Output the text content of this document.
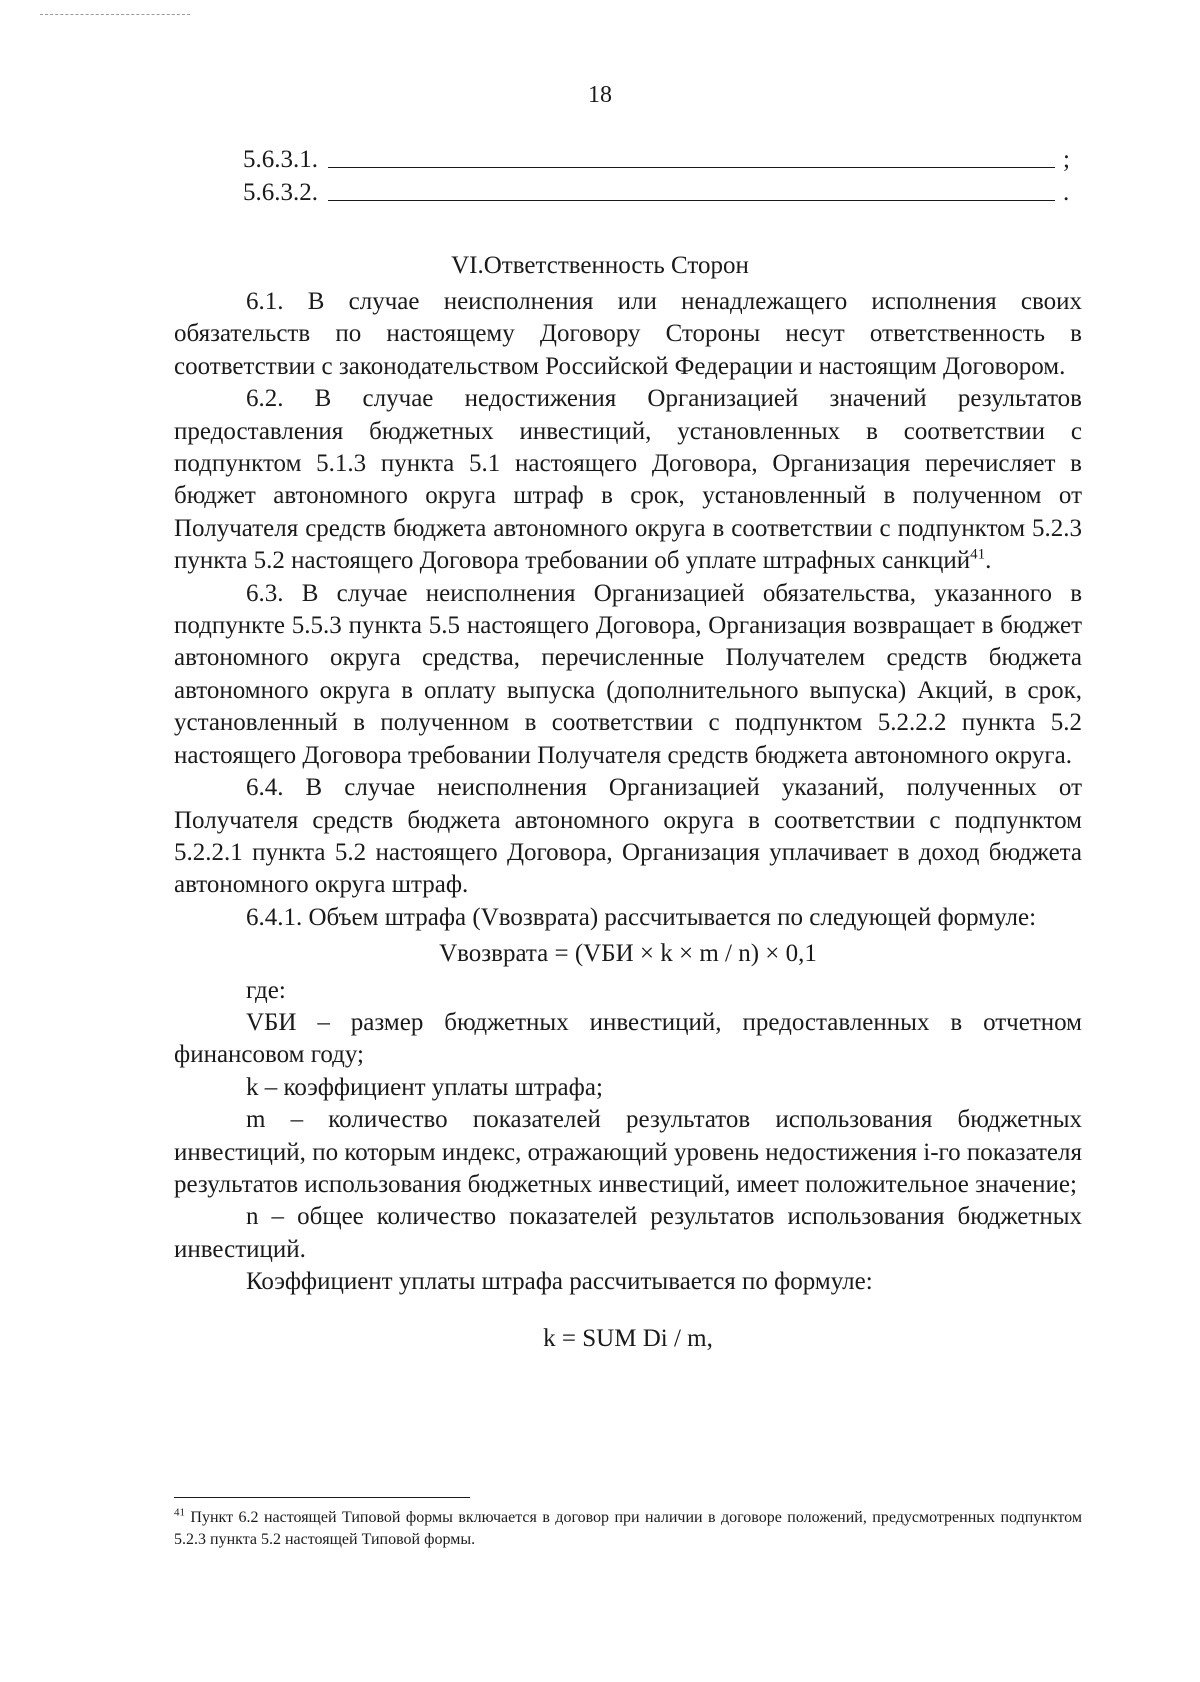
18
5.6.3.1.	;
5.6.3.2.	.
VI.Ответственность Сторон

6.1. В случае неисполнения или ненадлежащего исполнения своих обязательств по настоящему Договору Стороны несут ответственность в соответствии с законодательством Российской Федерации и настоящим Договором.

6.2. В случае недостижения Организацией значений результатов предоставления бюджетных инвестиций, установленных в соответствии с подпунктом 5.1.3 пункта 5.1 настоящего Договора, Организация перечисляет в бюджет автономного округа штраф в срок, установленный в полученном от Получателя средств бюджета автономного округа в соответствии с подпунктом 5.2.3 пункта 5.2 настоящего Договора требовании об уплате штрафных санкций$^{41}$.

6.3. В случае неисполнения Организацией обязательства, указанного в подпункте 5.5.3 пункта 5.5 настоящего Договора, Организация возвращает в бюджет автономного округа средства, перечисленные Получателем средств бюджета автономного округа в оплату выпуска (дополнительного выпуска) Акций, в срок, установленный в полученном в соответствии с подпунктом 5.2.2.2 пункта 5.2 настоящего Договора требовании Получателя средств бюджета автономного округа.

6.4. В случае неисполнения Организацией указаний, полученных от Получателя средств бюджета автономного округа в соответствии с подпунктом 5.2.2.1 пункта 5.2 настоящего Договора, Организация уплачивает в доход бюджета автономного округа штраф.

6.4.1. Объем штрафа (Vвозврата) рассчитывается по следующей формуле:

Vвозврата = (VБИ × k × m / n) × 0,1

где:

VБИ – размер бюджетных инвестиций, предоставленных в отчетном финансовом году;

k – коэффициент уплаты штрафа;

m – количество показателей результатов использования бюджетных инвестиций, по которым индекс, отражающий уровень недостижения i-го показателя результатов использования бюджетных инвестиций, имеет положительное значение;

n – общее количество показателей результатов использования бюджетных инвестиций.

Коэффициент уплаты штрафа рассчитывается по формуле:

k = SUM Di / m,

$^{41}$ Пункт 6.2 настоящей Типовой формы включается в договор при наличии в договоре положений, предусмотренных подпунктом 5.2.3 пункта 5.2 настоящей Типовой формы.
